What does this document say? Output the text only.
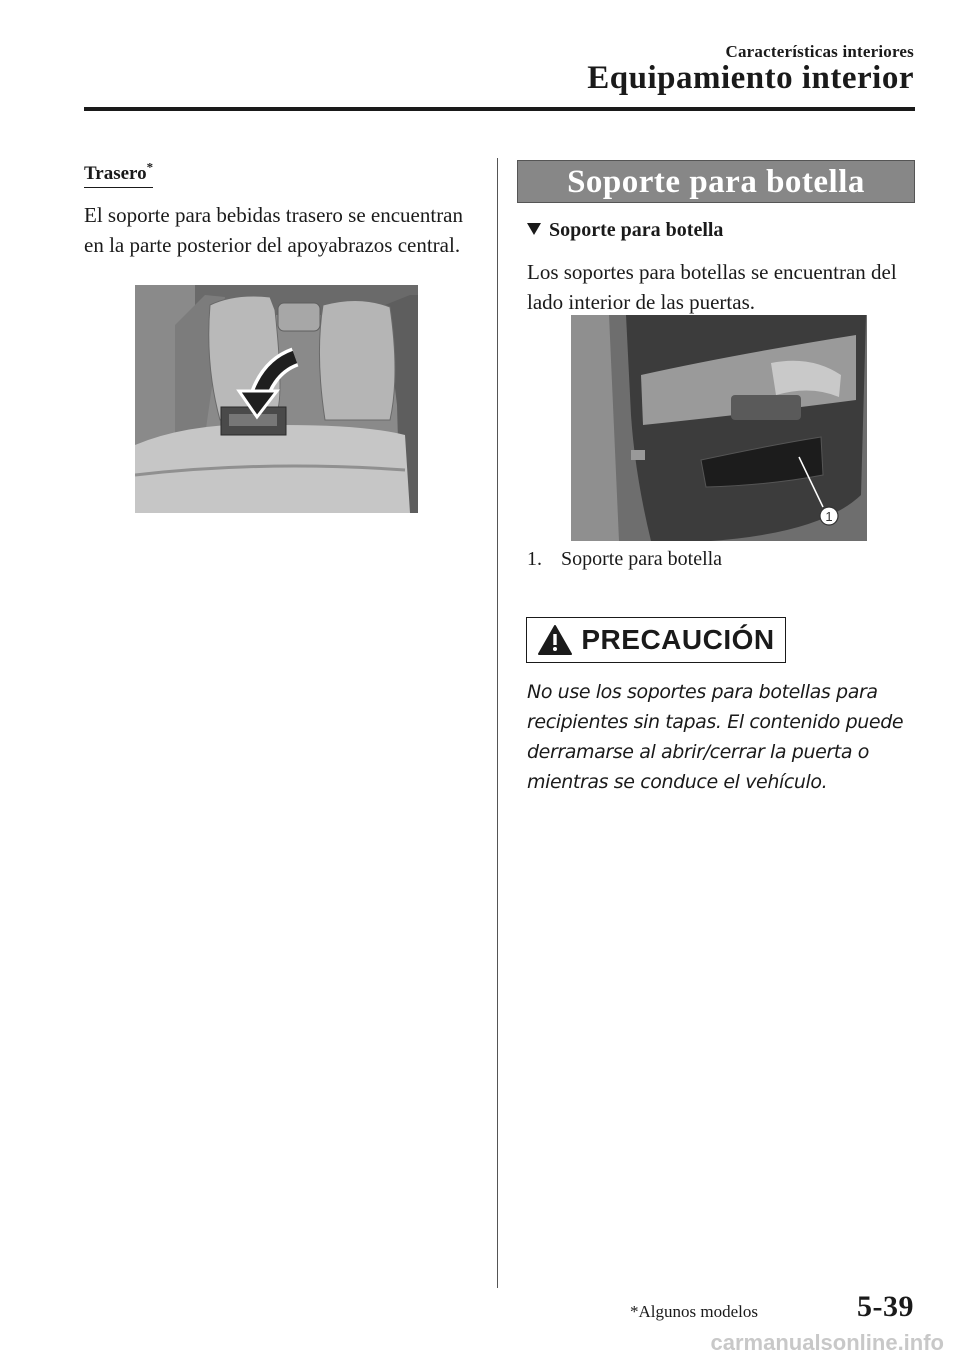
Características interiores
Equipamiento interior
Trasero*
El soporte para bebidas trasero se encuentran en la parte posterior del apoyabrazos central.
Soporte para botella
Soporte para botella
Los soportes para botellas se encuentran del lado interior de las puertas.
1
1. Soporte para botella
PRECAUCIÓN
No use los soportes para botellas para recipientes sin tapas. El contenido puede derramarse al abrir/cerrar la puerta o mientras se conduce el vehículo.
*Algunos modelos	5-39
carmanualsonline.info
